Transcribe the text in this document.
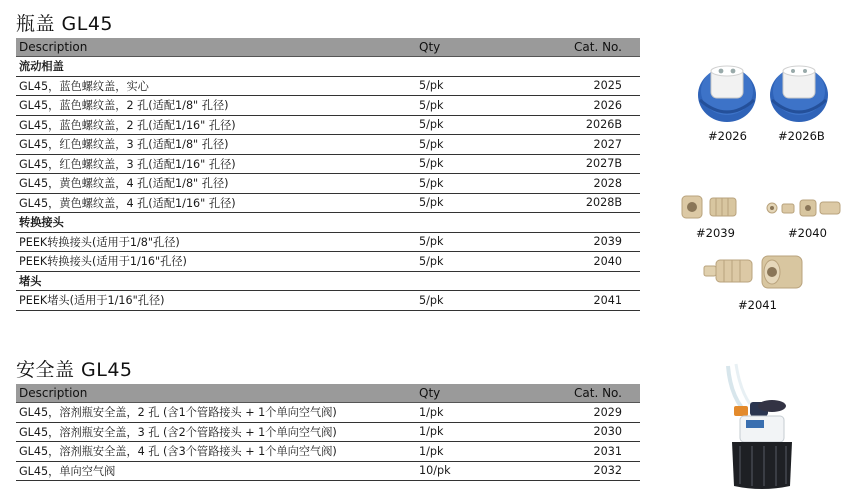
瓶盖 GL45
Description	Qty	Cat. No.
流动相盖		
GL45，蓝色螺纹盖，实心	5/pk	2025
GL45，蓝色螺纹盖，2 孔(适配1/8" 孔径)	5/pk	2026
GL45，蓝色螺纹盖，2 孔(适配1/16" 孔径)	5/pk	2026B
GL45，红色螺纹盖，3 孔(适配1/8" 孔径)	5/pk	2027
GL45，红色螺纹盖，3 孔(适配1/16" 孔径)	5/pk	2027B
GL45，黄色螺纹盖，4 孔(适配1/8" 孔径)	5/pk	2028
GL45，黄色螺纹盖，4 孔(适配1/16" 孔径)	5/pk	2028B
转换接头		
PEEK转换接头(适用于1/8"孔径)	5/pk	2039
PEEK转换接头(适用于1/16"孔径)	5/pk	2040
堵头		
PEEK堵头(适用于1/16"孔径)	5/pk	2041
安全盖 GL45
Description	Qty	Cat. No.
GL45，溶剂瓶安全盖，2 孔 (含1个管路接头 + 1个单向空气阀)	1/pk	2029
GL45，溶剂瓶安全盖，3 孔 (含2个管路接头 + 1个单向空气阀)	1/pk	2030
GL45，溶剂瓶安全盖，4 孔 (含3个管路接头 + 1个单向空气阀)	1/pk	2031
GL45，单向空气阀	10/pk	2032
#2026	#2026B
#2039	#2040
#2041
